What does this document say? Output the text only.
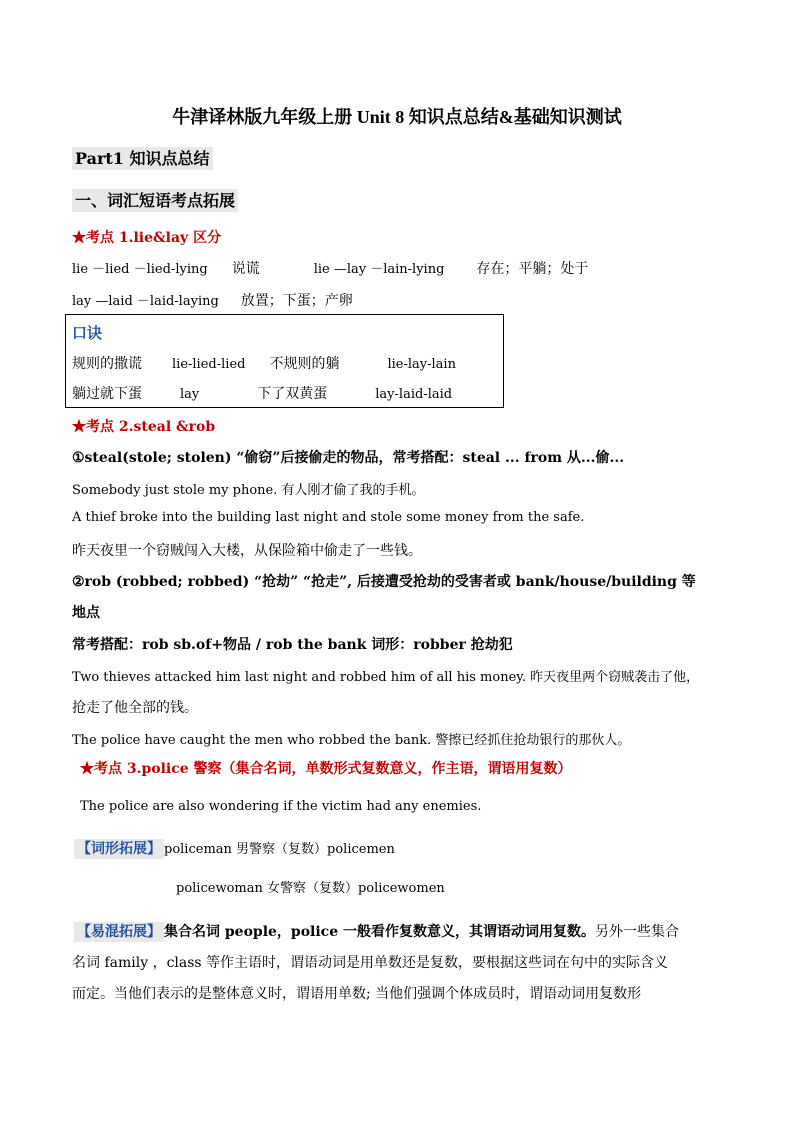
牛津译林版九年级上册 Unit 8 知识点总结&基础知识测试
Part1 知识点总结
一、词汇短语考点拓展
★考点 1.lie&lay 区分
lie －lied －lied-lying 说谎	lie —lay －lain-lying 存在；平躺；处于
lay —laid －laid-laying 放置；下蛋；产卵
口诀
规则的撒谎 lie-lied-lied 不规则的躺	lie-lay-lain
躺过就下蛋	lay	下了双黄蛋	lay-laid-laid
★考点 2.steal &rob
①steal(stole; stolen) “偷窃”后接偷走的物品，常考搭配：steal ... from 从...偷...
Somebody just stole my phone. 有人刚才偷了我的手机。
A thief broke into the building last night and stole some money from the safe.
昨天夜里一个窃贼闯入大楼，从保险箱中偷走了一些钱。
②rob (robbed; robbed) “抢劫” “抢走”, 后接遭受抢劫的受害者或 bank/house/building 等
地点
常考搭配：rob sb.of+物品 / rob the bank 词形：robber 抢劫犯
Two thieves attacked him last night and robbed him of all his money. 昨天夜里两个窃贼袭击了他，
抢走了他全部的钱。
The police have caught the men who robbed the bank. 警擦已经抓住抢劫银行的那伙人。
★考点 3.police 警察（集合名词，单数形式复数意义，作主语，谓语用复数）
The police are also wondering if the victim had any enemies.
【词形拓展】 policeman 男警察（复数）policemen
policewoman 女警察（复数）policewomen
【易混拓展】 集合名词 people，police 一般看作复数意义，其谓语动词用复数。另外一些集合
名词 family ，class 等作主语时，谓语动词是用单数还是复数，要根据这些词在句中的实际含义
而定。当他们表示的是整体意义时，谓语用单数; 当他们强调个体成员时，谓语动词用复数形
